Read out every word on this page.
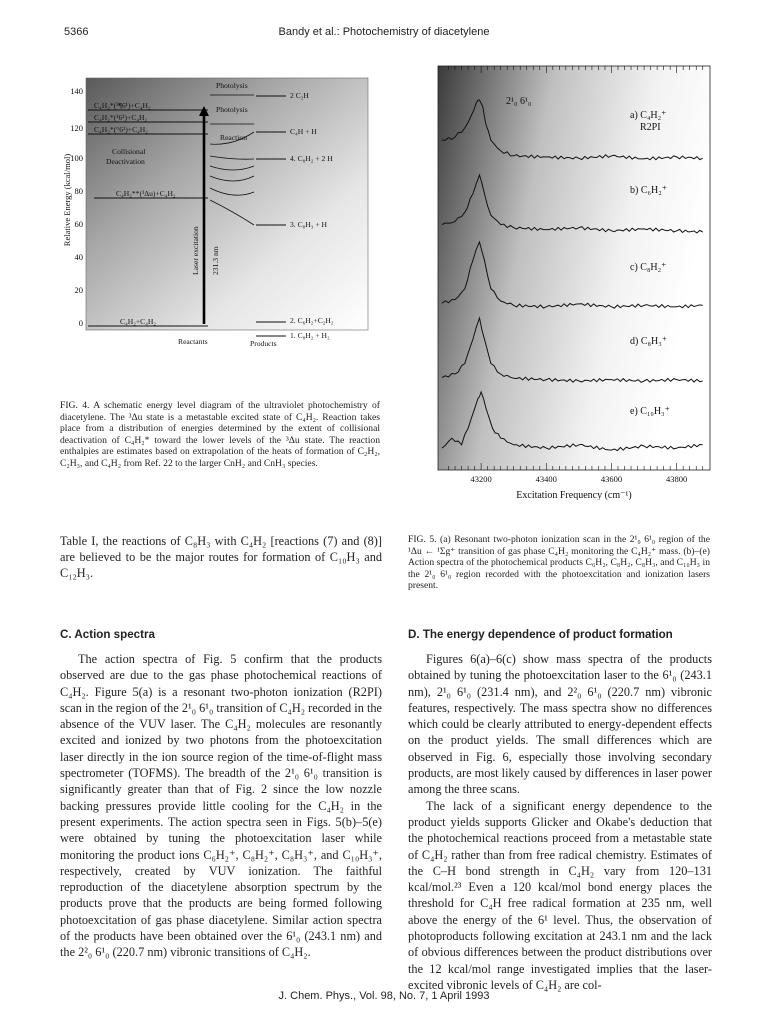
5366	Bandy et al.: Photochemistry of diacetylene
Relative Energy (kcal/mol)
140
120
100
80
60
40
20
0
C₄H₂*(²¶6¹)+C₄H₂
C₄H₂*(¹6¹)+C₄H₂
C₄H₂*(°6¹)+C₄H₂
Photolysis
Photolysis
Reaction
Collisional
Deactivation
C₄H₂**(³Δu)+C₄H₂
C₄H₂+C₄H₂
2 C₂H
C₄H + H
4. C₈H₂ + 2 H
3. C₈H₃ + H
2. C₆H₂+C₂H₂
1. C₈H₂ + H₂
Reactants	Products
Laser excitation 231.3 nm
FIG. 4. A schematic energy level diagram of the ultraviolet photochemistry of diacetylene. The ³Δu state is a metastable excited state of C₄H₂. Reaction takes place from a distribution of energies determined by the extent of collisional deactivation of C₄H₂* toward the lower levels of the ³Δu state. The reaction enthalpies are estimates based on extrapolation of the heats of formation of C₂H₂, C₂H₃, and C₄H₂ from Ref. 22 to the larger CnH₂ and CnH₃ species.
2¹₀ 6¹₀
a) C₄H₂⁺
R2PI
b) C₆H₂⁺
c) C₈H₂⁺
d) C₈H₃⁺
e) C₁₀H₃⁺
43200	43400	43600	43800
Excitation Frequency (cm⁻¹)
FIG. 5. (a) Resonant two-photon ionization scan in the 2¹₀ 6¹₀ region of the ¹Δu ← ¹Σg⁺ transition of gas phase C₄H₂ monitoring the C₄H₂⁺ mass. (b)–(e) Action spectra of the photochemical products C₆H₂, C₈H₂, C₈H₃, and C₁₀H₃ in the 2¹₀ 6¹₀ region recorded with the photoexcitation and ionization lasers present.
Table I, the reactions of C₈H₃ with C₄H₂ [reactions (7) and (8)] are believed to be the major routes for formation of C₁₀H₃ and C₁₂H₃.
C. Action spectra	D. The energy dependence of product formation

The action spectra of Fig. 5 confirm that the products observed are due to the gas phase photochemical reactions of C₄H₂. Figure 5(a) is a resonant two-photon ionization (R2PI) scan in the region of the 2¹₀ 6¹₀ transition of C₄H₂ recorded in the absence of the VUV laser. The C₄H₂ molecules are resonantly excited and ionized by two photons from the photoexcitation laser directly in the ion source region of the time-of-flight mass spectrometer (TOFMS). The breadth of the 2¹₀ 6¹₀ transition is significantly greater than that of Fig. 2 since the low nozzle backing pressures provide little cooling for the C₄H₂ in the present experiments. The action spectra seen in Figs. 5(b)–5(e) were obtained by tuning the photoexcitation laser while monitoring the product ions C₆H₂⁺, C₈H₂⁺, C₈H₃⁺, and C₁₀H₃⁺, respectively, created by VUV ionization. The faithful reproduction of the diacetylene absorption spectrum by the products prove that the products are being formed following photoexcitation of gas phase diacetylene. Similar action spectra of the products have been obtained over the 6¹₀ (243.1 nm) and the 2²₀ 6¹₀ (220.7 nm) vibronic transitions of C₄H₂.

Figures 6(a)–6(c) show mass spectra of the products obtained by tuning the photoexcitation laser to the 6¹₀ (243.1 nm), 2¹₀ 6¹₀ (231.4 nm), and 2²₀ 6¹₀ (220.7 nm) vibronic features, respectively. The mass spectra show no differences which could be clearly attributed to energy-dependent effects on the product yields. The small differences which are observed in Fig. 6, especially those involving secondary products, are most likely caused by differences in laser power among the three scans.

The lack of a significant energy dependence to the product yields supports Glicker and Okabe's deduction that the photochemical reactions proceed from a metastable state of C₄H₂ rather than from free radical chemistry. Estimates of the C–H bond strength in C₄H₂ vary from 120–131 kcal/mol.²³ Even a 120 kcal/mol bond energy places the threshold for C₄H free radical formation at 235 nm, well above the energy of the 6¹ level. Thus, the observation of photoproducts following excitation at 243.1 nm and the lack of obvious differences between the product distributions over the 12 kcal/mol range investigated implies that the laser-excited vibronic levels of C₄H₂ are col-

J. Chem. Phys., Vol. 98, No. 7, 1 April 1993
